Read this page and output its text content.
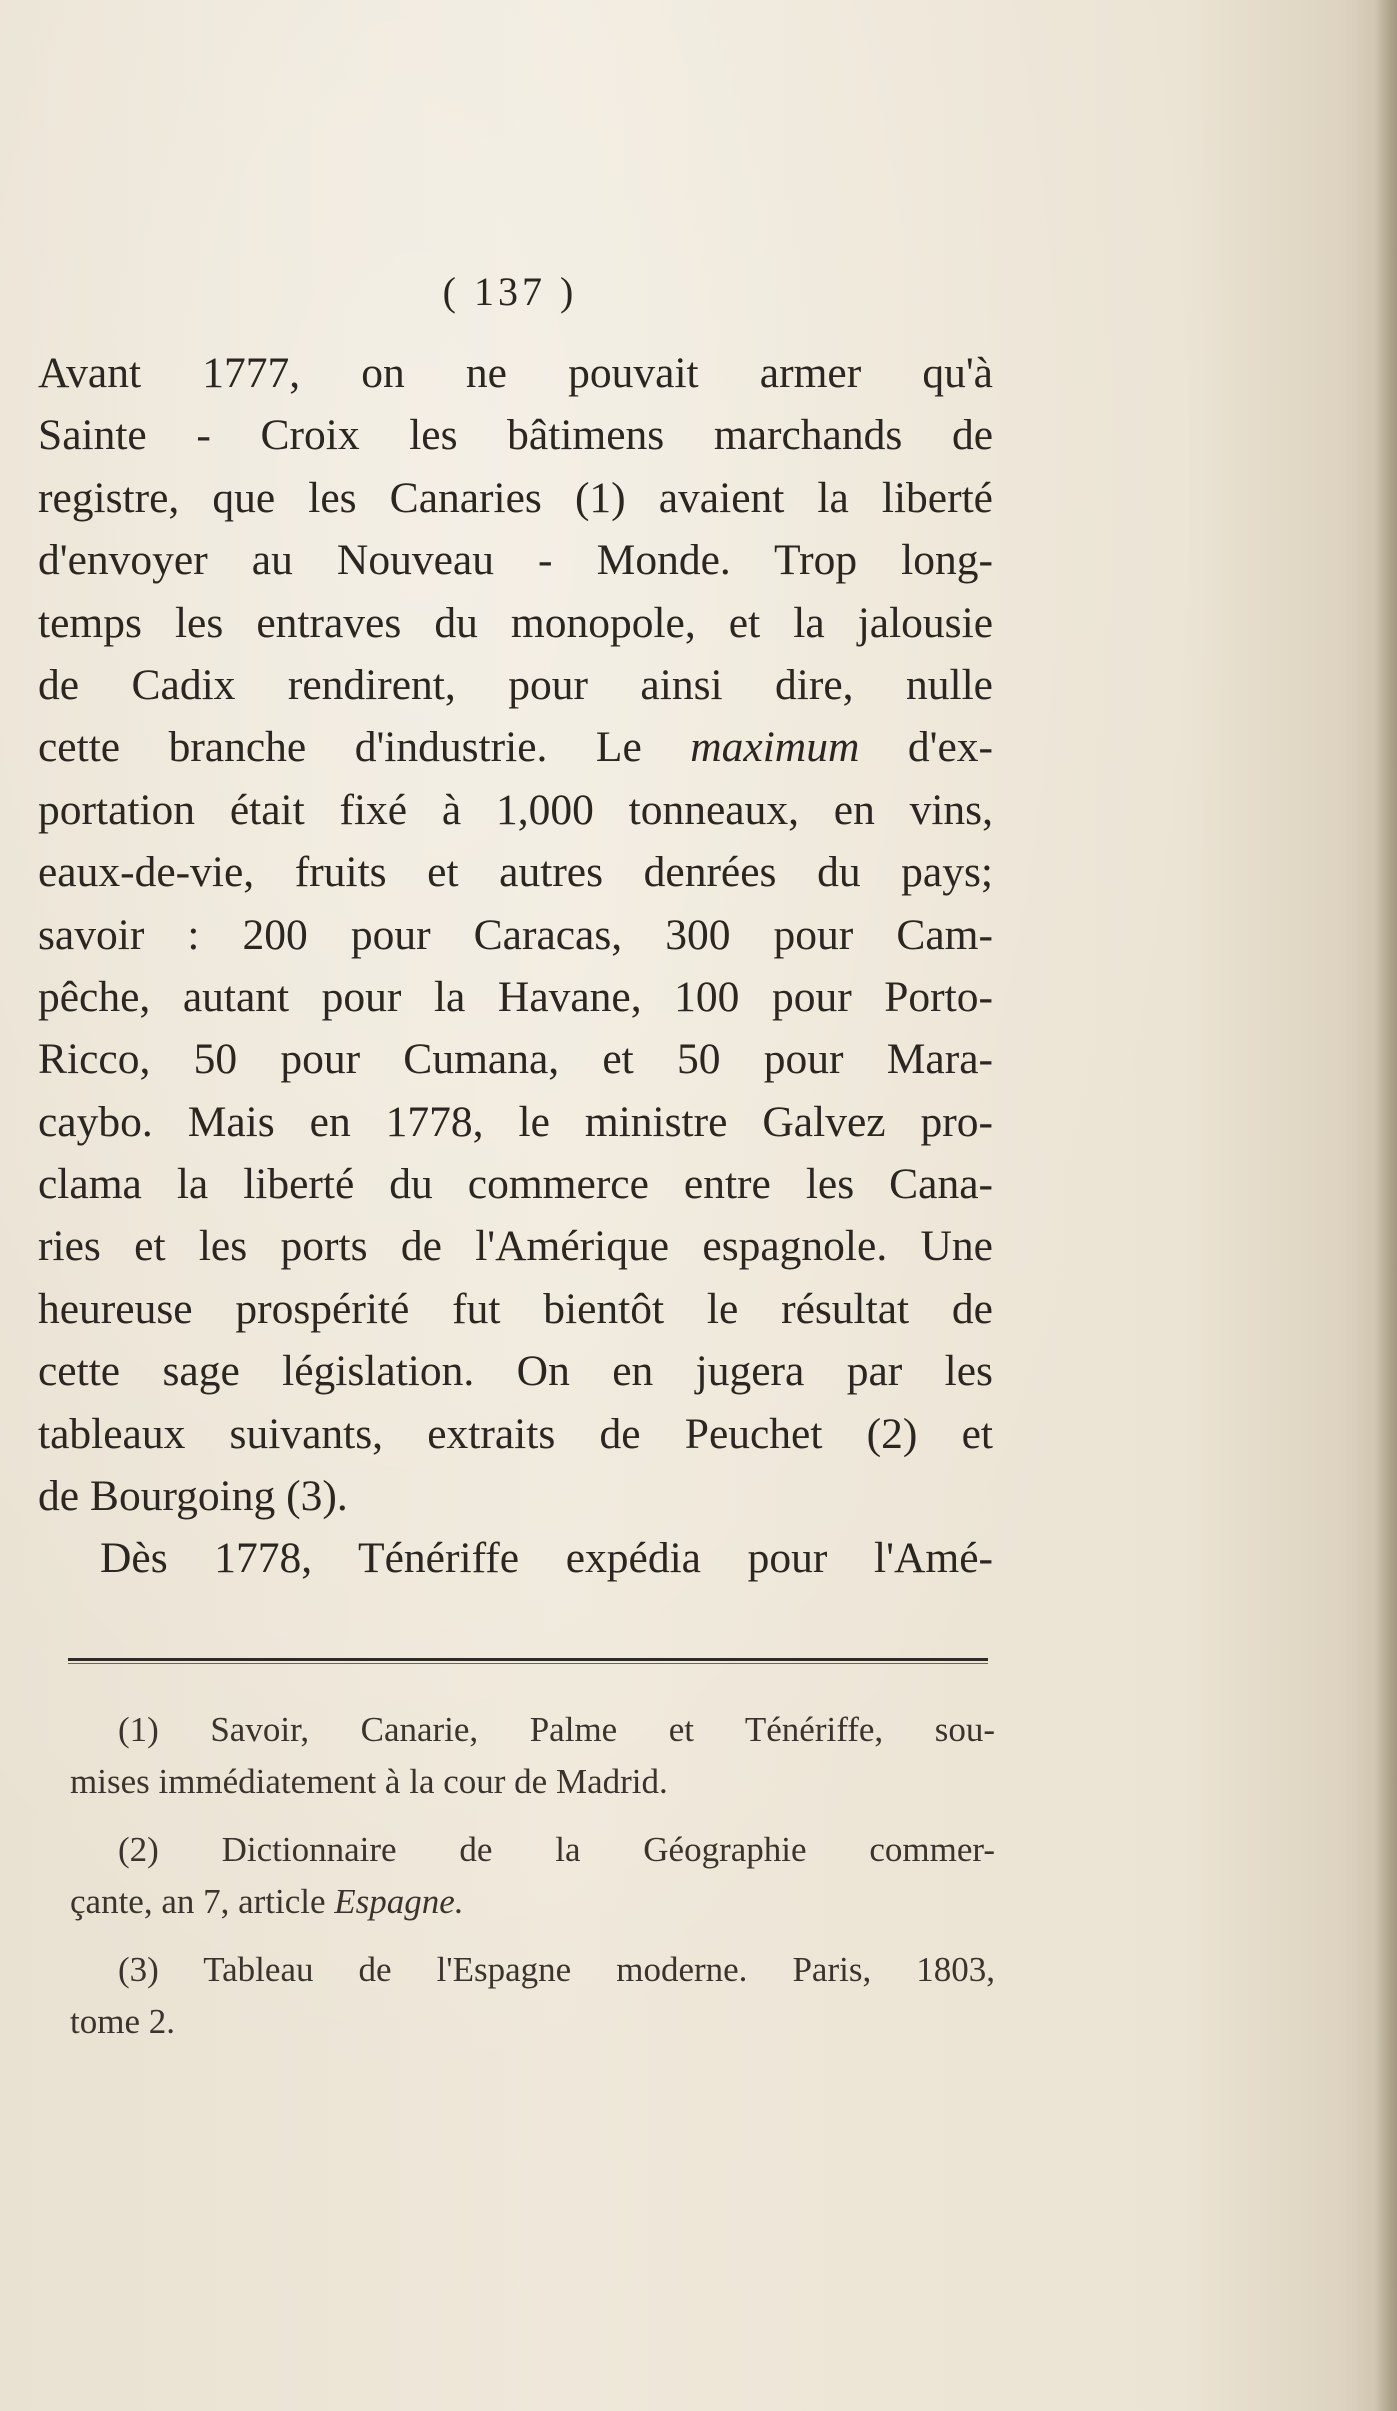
( 137 )
Avant 1777, on ne pouvait armer qu'à
Sainte - Croix les bâtimens marchands de
registre, que les Canaries (1) avaient la liberté
d'envoyer au Nouveau - Monde. Trop long-
temps les entraves du monopole, et la jalousie
de Cadix rendirent, pour ainsi dire, nulle
cette branche d'industrie. Le maximum d'ex-
portation était fixé à 1,000 tonneaux, en vins,
eaux-de-vie, fruits et autres denrées du pays;
savoir : 200 pour Caracas, 300 pour Cam-
pêche, autant pour la Havane, 100 pour Porto-
Ricco, 50 pour Cumana, et 50 pour Mara-
caybo. Mais en 1778, le ministre Galvez pro-
clama la liberté du commerce entre les Cana-
ries et les ports de l'Amérique espagnole. Une
heureuse prospérité fut bientôt le résultat de
cette sage législation. On en jugera par les
tableaux suivants, extraits de Peuchet (2) et
de Bourgoing (3).
Dès 1778, Ténériffe expédia pour l'Amé-
(1) Savoir, Canarie, Palme et Ténériffe, sou-
mises immédiatement à la cour de Madrid.
(2) Dictionnaire de la Géographie commer-
çante, an 7, article Espagne.
(3) Tableau de l'Espagne moderne. Paris, 1803,
tome 2.
